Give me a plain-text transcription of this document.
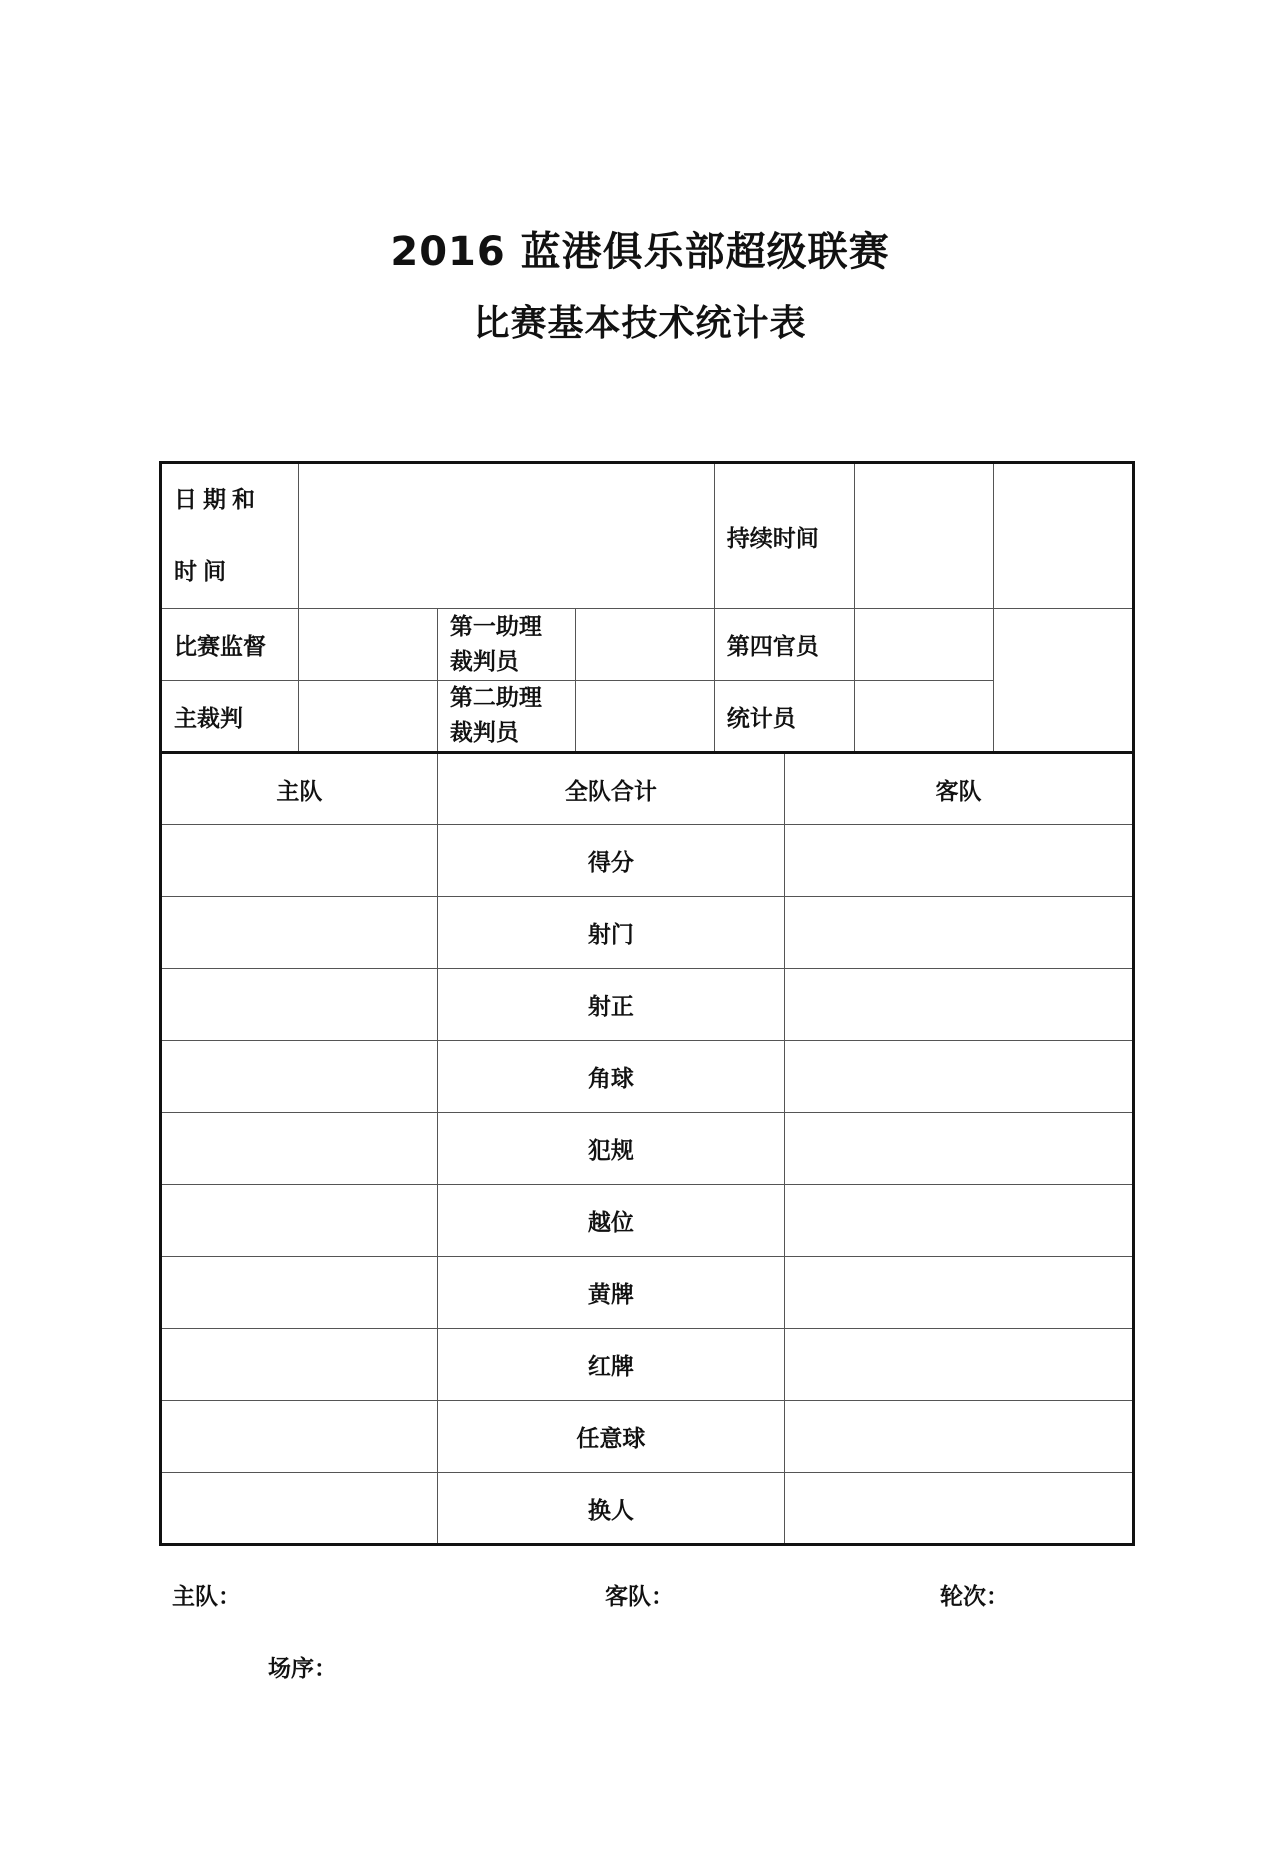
2016 蓝港俱乐部超级联赛
比赛基本技术统计表
日期和时间				持续时间		
比赛监督		第一助理裁判员		第四官员			
主裁判		第二助理裁判员		统计员			
主队		全队合计			客队		
		得分					
		射门					
		射正					
		角球					
		犯规					
		越位					
		黄牌					
		红牌					
		任意球					
		换人					
主队：	客队：	轮次：
场序：
